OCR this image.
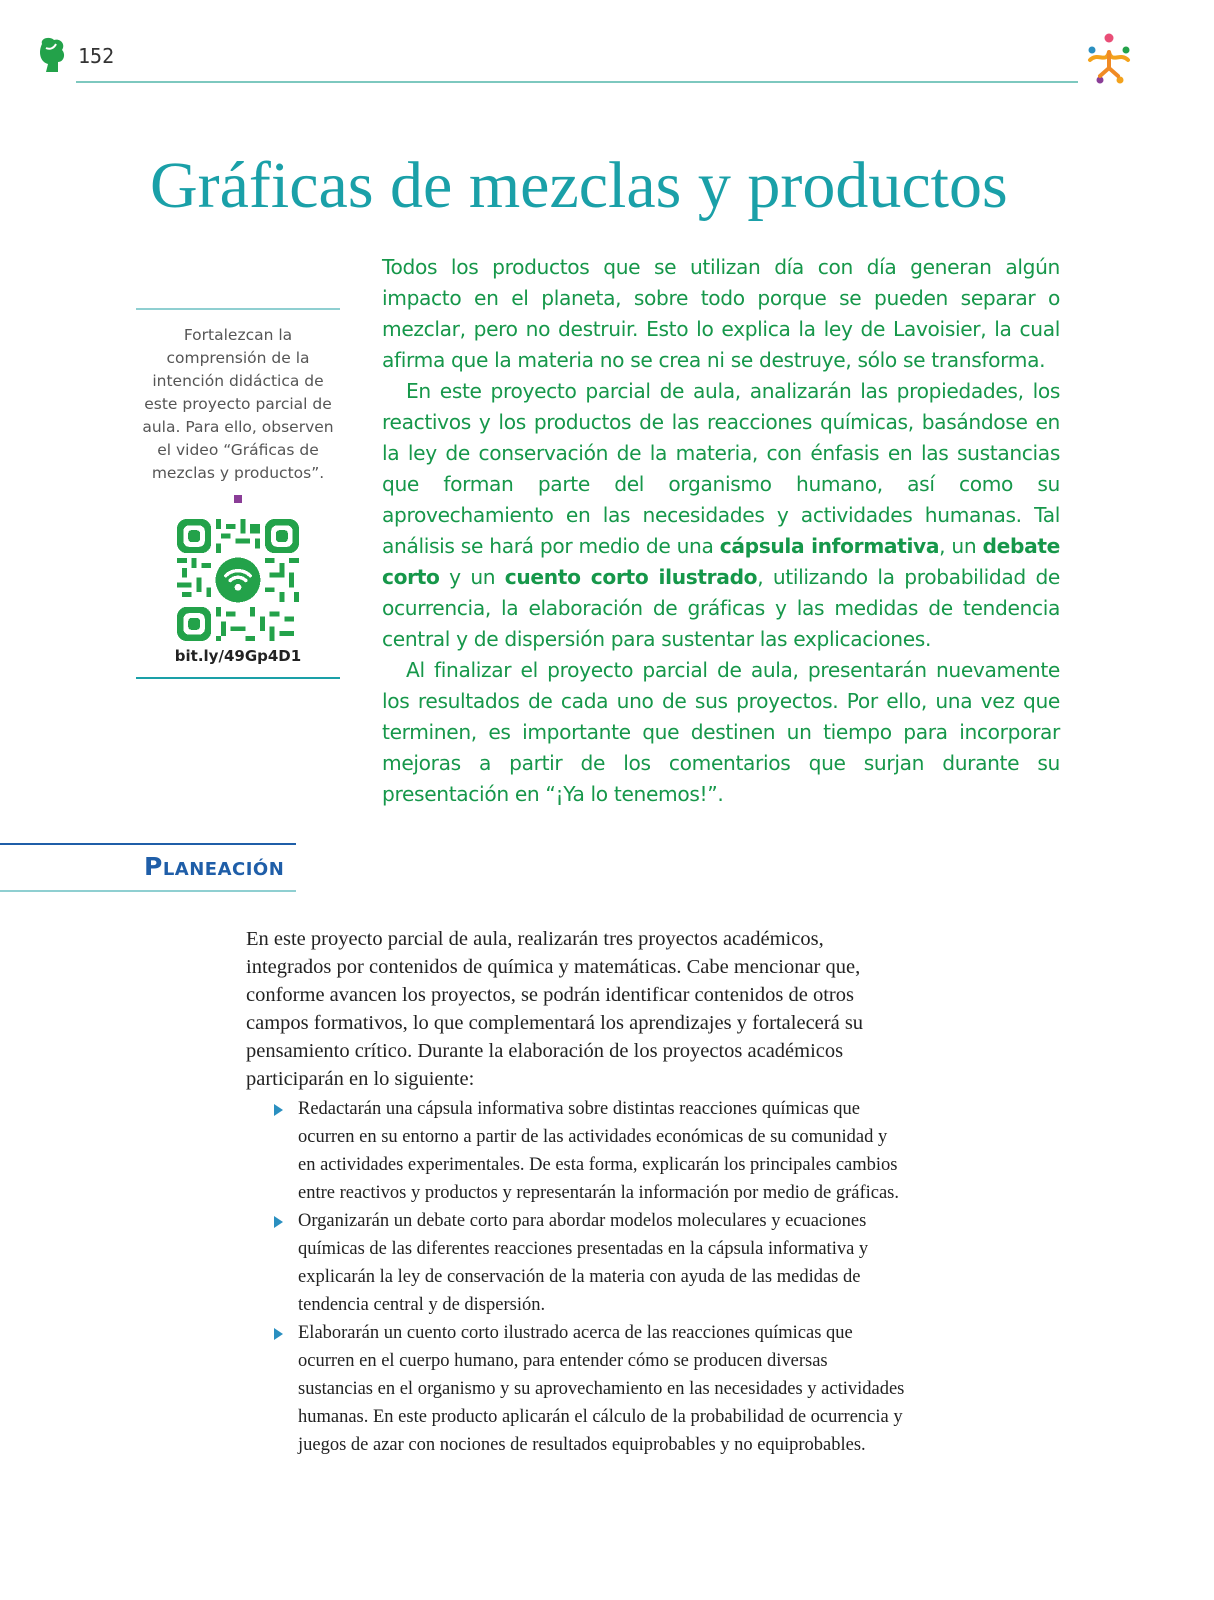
152
Gráficas de mezclas y productos
Fortalezcan la comprensión de la intención didáctica de este proyecto parcial de aula. Para ello, observen el video “Gráficas de mezclas y productos”.
bit.ly/49Gp4D1

Todos los productos que se utilizan día con día generan algún impacto en el planeta, sobre todo porque se pueden separar o mezclar, pero no destruir. Esto lo explica la ley de Lavoisier, la cual afirma que la materia no se crea ni se destruye, sólo se transforma.

En este proyecto parcial de aula, analizarán las propiedades, los reactivos y los productos de las reacciones químicas, basándose en la ley de conservación de la materia, con énfasis en las sustancias que forman parte del organismo humano, así como su aprovechamiento en las necesidades y actividades humanas. Tal análisis se hará por medio de una cápsula informativa, un debate corto y un cuento corto ilustrado, utilizando la probabilidad de ocurrencia, la elaboración de gráficas y las medidas de tendencia central y de dispersión para sustentar las explicaciones.

Al finalizar el proyecto parcial de aula, presentarán nuevamente los resultados de cada uno de sus proyectos. Por ello, una vez que terminen, es importante que destinen un tiempo para incorporar mejoras a partir de los comentarios que surjan durante su presentación en “¡Ya lo tenemos!”.

Planeación

En este proyecto parcial de aula, realizarán tres proyectos académicos, integrados por contenidos de química y matemáticas. Cabe mencionar que, conforme avancen los proyectos, se podrán identificar contenidos de otros campos formativos, lo que complementará los aprendizajes y fortalecerá su pensamiento crítico. Durante la elaboración de los proyectos académicos participarán en lo siguiente:

Redactarán una cápsula informativa sobre distintas reacciones químicas que ocurren en su entorno a partir de las actividades económicas de su comunidad y en actividades experimentales. De esta forma, explicarán los principales cambios entre reactivos y productos y representarán la información por medio de gráficas.
Organizarán un debate corto para abordar modelos moleculares y ecuaciones químicas de las diferentes reacciones presentadas en la cápsula informativa y explicarán la ley de conservación de la materia con ayuda de las medidas de tendencia central y de dispersión.
Elaborarán un cuento corto ilustrado acerca de las reacciones químicas que ocurren en el cuerpo humano, para entender cómo se producen diversas sustancias en el organismo y su aprovechamiento en las necesidades y actividades humanas. En este producto aplicarán el cálculo de la probabilidad de ocurrencia y juegos de azar con nociones de resultados equiprobables y no equiprobables.
